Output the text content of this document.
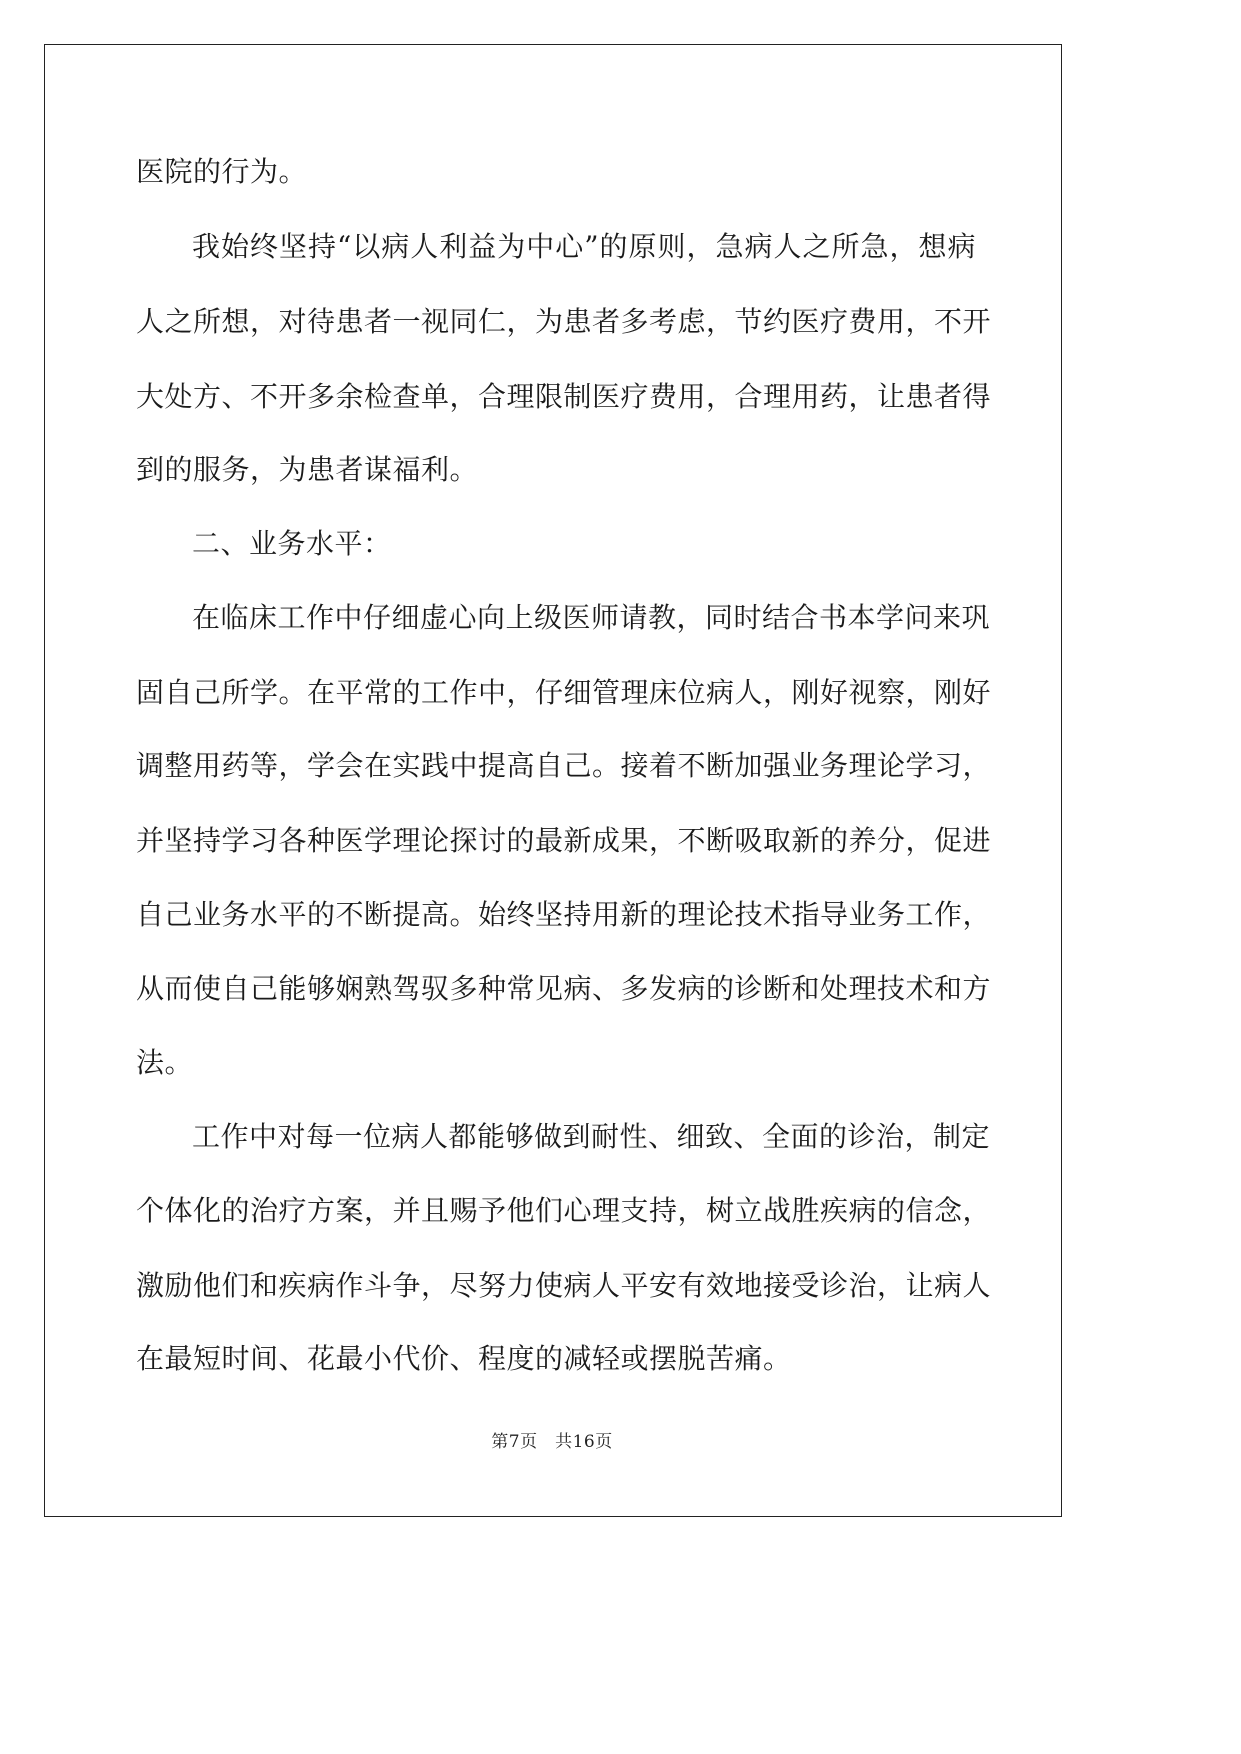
医院的行为。
我始终坚持“以病人利益为中心”的原则，急病人之所急，想病
人之所想，对待患者一视同仁，为患者多考虑，节约医疗费用，不开
大处方、不开多余检查单，合理限制医疗费用，合理用药，让患者得
到的服务，为患者谋福利。
二、业务水平：
在临床工作中仔细虚心向上级医师请教，同时结合书本学问来巩
固自己所学。在平常的工作中，仔细管理床位病人，刚好视察，刚好
调整用药等，学会在实践中提高自己。接着不断加强业务理论学习，
并坚持学习各种医学理论探讨的最新成果，不断吸取新的养分，促进
自己业务水平的不断提高。始终坚持用新的理论技术指导业务工作，
从而使自己能够娴熟驾驭多种常见病、多发病的诊断和处理技术和方
法。
工作中对每一位病人都能够做到耐性、细致、全面的诊治，制定
个体化的治疗方案，并且赐予他们心理支持，树立战胜疾病的信念，
激励他们和疾病作斗争，尽努力使病人平安有效地接受诊治，让病人
在最短时间、花最小代价、程度的减轻或摆脱苦痛。
第7页　共16页
